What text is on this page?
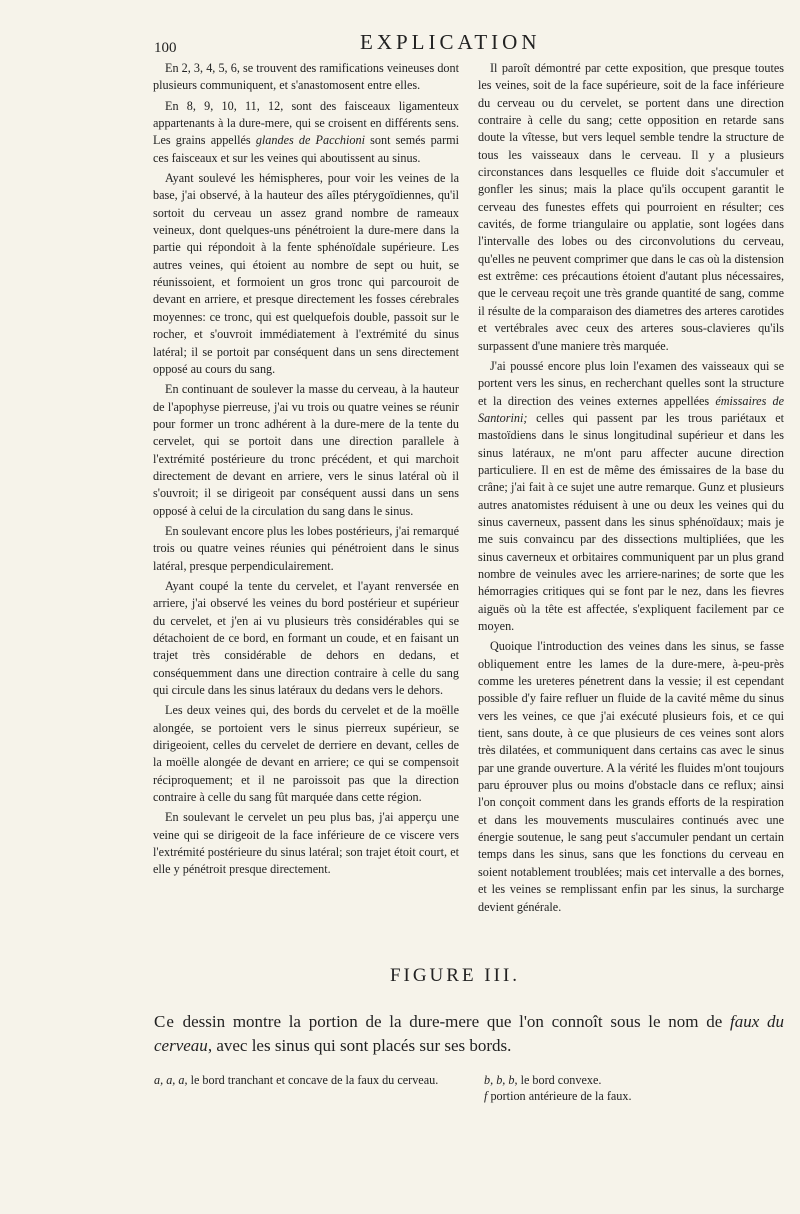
100	EXPLICATION

En 2, 3, 4, 5, 6, se trouvent des ramifications veineuses dont plusieurs communiquent, et s'anastomosent entre elles.

En 8, 9, 10, 11, 12, sont des faisceaux ligamenteux appartenants à la dure-mere, qui se croisent en différents sens. Les grains appellés glandes de Pacchioni sont semés parmi ces faisceaux et sur les veines qui aboutissent au sinus.

Ayant soulevé les hémispheres, pour voir les veines de la base, j'ai observé, à la hauteur des aîles ptérygoïdiennes, qu'il sortoit du cerveau un assez grand nombre de rameaux veineux, dont quelques-uns pénétroient la dure-mere dans la partie qui répondoit à la fente sphénoïdale supérieure. Les autres veines, qui étoient au nombre de sept ou huit, se réunissoient, et formoient un gros tronc qui parcouroit de devant en arriere, et presque directement les fosses cérebrales moyennes: ce tronc, qui est quelquefois double, passoit sur le rocher, et s'ouvroit immédiatement à l'extrémité du sinus latéral; il se portoit par conséquent dans un sens directement opposé au cours du sang.

En continuant de soulever la masse du cerveau, à la hauteur de l'apophyse pierreuse, j'ai vu trois ou quatre veines se réunir pour former un tronc adhérent à la dure-mere de la tente du cervelet, qui se portoit dans une direction parallele à l'extrémité postérieure du tronc précédent, et qui marchoit directement de devant en arriere, vers le sinus latéral où il s'ouvroit; il se dirigeoit par conséquent aussi dans un sens opposé à celui de la circulation du sang dans le sinus.

En soulevant encore plus les lobes postérieurs, j'ai remarqué trois ou quatre veines réunies qui pénétroient dans le sinus latéral, presque perpendiculairement.

Ayant coupé la tente du cervelet, et l'ayant renversée en arriere, j'ai observé les veines du bord postérieur et supérieur du cervelet, et j'en ai vu plusieurs très considérables qui se détachoient de ce bord, en formant un coude, et en faisant un trajet très considérable de dehors en dedans, et conséquemment dans une direction contraire à celle du sang qui circule dans les sinus latéraux du dedans vers le dehors.

Les deux veines qui, des bords du cervelet et de la moëlle alongée, se portoient vers le sinus pierreux supérieur, se dirigeoient, celles du cervelet de derriere en devant, celles de la moëlle alongée de devant en arriere; ce qui se compensoit réciproquement; et il ne paroissoit pas que la direction contraire à celle du sang fût marquée dans cette région.

En soulevant le cervelet un peu plus bas, j'ai apperçu une veine qui se dirigeoit de la face inférieure de ce viscere vers l'extrémité postérieure du sinus latéral; son trajet étoit court, et elle y pénétroit presque directement.

Il paroît démontré par cette exposition, que presque toutes les veines, soit de la face supérieure, soit de la face inférieure du cerveau ou du cervelet, se portent dans une direction contraire à celle du sang; cette opposition en retarde sans doute la vîtesse, but vers lequel semble tendre la structure de tous les vaisseaux dans le cerveau. Il y a plusieurs circonstances dans lesquelles ce fluide doit s'accumuler et gonfler les sinus; mais la place qu'ils occupent garantit le cerveau des funestes effets qui pourroient en résulter; ces cavités, de forme triangulaire ou applatie, sont logées dans l'intervalle des lobes ou des circonvolutions du cerveau, qu'elles ne peuvent comprimer que dans le cas où la distension est extrême: ces précautions étoient d'autant plus nécessaires, que le cerveau reçoit une très grande quantité de sang, comme il résulte de la comparaison des diametres des arteres carotides et vertébrales avec ceux des arteres sous-clavieres qu'ils surpassent d'une maniere très marquée.

J'ai poussé encore plus loin l'examen des vaisseaux qui se portent vers les sinus, en recherchant quelles sont la structure et la direction des veines externes appellées émissaires de Santorini; celles qui passent par les trous pariétaux et mastoïdiens dans le sinus longitudinal supérieur et dans les sinus latéraux, ne m'ont paru affecter aucune direction particuliere. Il en est de même des émissaires de la base du crâne; j'ai fait à ce sujet une autre remarque. Gunz et plusieurs autres anatomistes réduisent à une ou deux les veines qui du sinus caverneux, passent dans les sinus sphénoïdaux; mais je me suis convaincu par des dissections multipliées, que les sinus caverneux et orbitaires communiquent par un plus grand nombre de veinules avec les arriere-narines; de sorte que les hémorragies critiques qui se font par le nez, dans les fievres aiguës où la tête est affectée, s'expliquent facilement par ce moyen.

Quoique l'introduction des veines dans les sinus, se fasse obliquement entre les lames de la dure-mere, à-peu-près comme les ureteres pénetrent dans la vessie; il est cependant possible d'y faire refluer un fluide de la cavité même du sinus vers les veines, ce que j'ai exécuté plusieurs fois, et ce qui tient, sans doute, à ce que plusieurs de ces veines sont alors très dilatées, et communiquent dans certains cas avec le sinus par une grande ouverture. A la vérité les fluides m'ont toujours paru éprouver plus ou moins d'obstacle dans ce reflux; ainsi l'on conçoit comment dans les grands efforts de la respiration et dans les mouvements musculaires continués avec une énergie soutenue, le sang peut s'accumuler pendant un certain temps dans les sinus, sans que les fonctions du cerveau en soient notablement troublées; mais cet intervalle a des bornes, et les veines se remplissant enfin par les sinus, la surcharge devient générale.

FIGURE III.
Ce dessin montre la portion de la dure-mere que l'on connoît sous le nom de faux du cerveau, avec les sinus qui sont placés sur ses bords.
a, a, a, le bord tranchant et concave de la faux du cerveau.	b, b, b, le bord convexe.
f portion antérieure de la faux.
